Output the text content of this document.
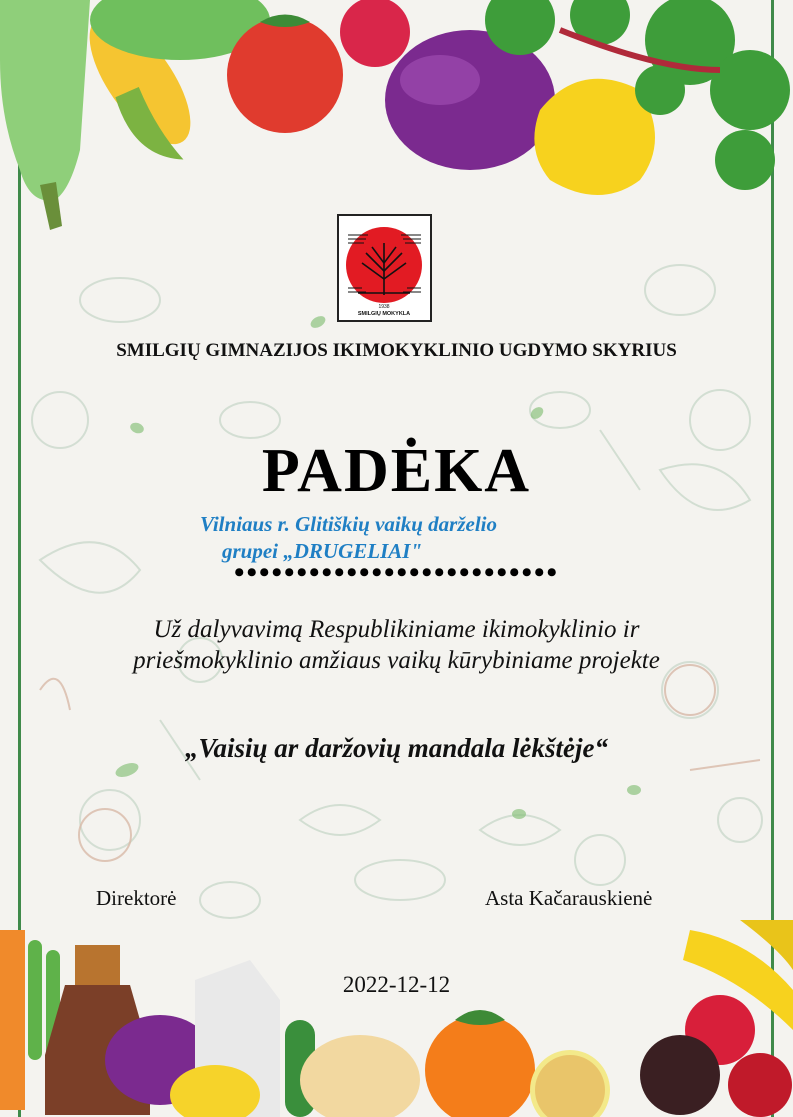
1938
SMILGIŲ MOKYKLA
SMILGIŲ GIMNAZIJOS IKIMOKYKLINIO UGDYMO SKYRIUS
PADĖKA
Vilniaus r. Glitiškių vaikų darželio

grupei „DRUGELIAI"
••••••••••••••••••••••••••
Už dalyvavimą Respublikiniame ikimokyklinio ir priešmokyklinio amžiaus vaikų kūrybiniame projekte
„Vaisių ar daržovių mandala lėkštėje“
Direktorė	Asta Kačarauskienė
2022-12-12
